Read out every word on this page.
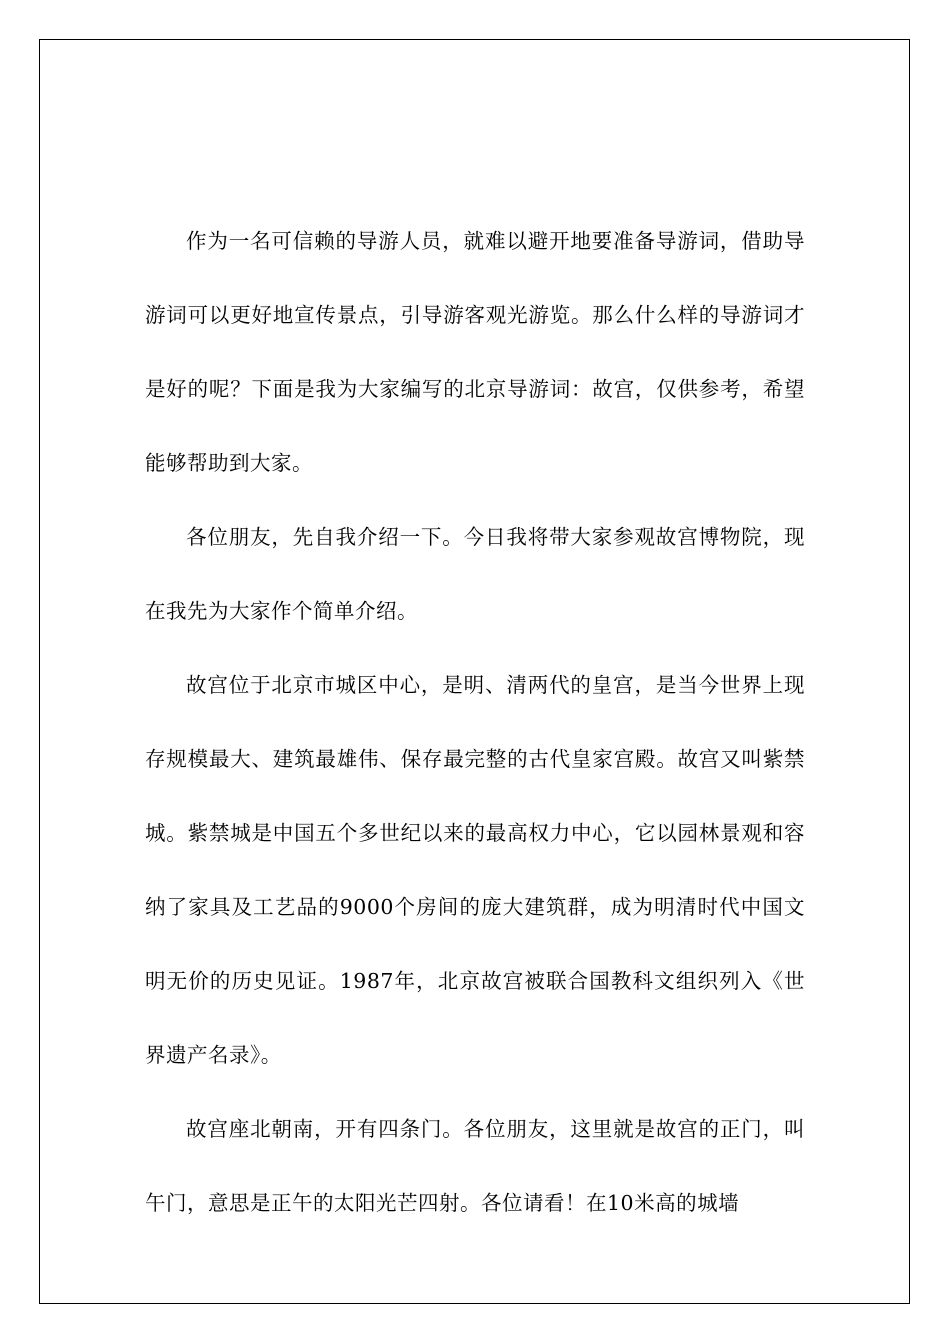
作为一名可信赖的导游人员，就难以避开地要准备导游词，借助导游词可以更好地宣传景点，引导游客观光游览。那么什么样的导游词才是好的呢？下面是我为大家编写的北京导游词：故宫，仅供参考，希望能够帮助到大家。

各位朋友，先自我介绍一下。今日我将带大家参观故宫博物院，现在我先为大家作个简单介绍。

故宫位于北京市城区中心，是明、清两代的皇宫，是当今世界上现存规模最大、建筑最雄伟、保存最完整的古代皇家宫殿。故宫又叫紫禁城。紫禁城是中国五个多世纪以来的最高权力中心，它以园林景观和容纳了家具及工艺品的9000个房间的庞大建筑群，成为明清时代中国文明无价的历史见证。1987年，北京故宫被联合国教科文组织列入《世界遗产名录》。

故宫座北朝南，开有四条门。各位朋友，这里就是故宫的正门，叫午门，意思是正午的太阳光芒四射。各位请看！在10米高的城墙
